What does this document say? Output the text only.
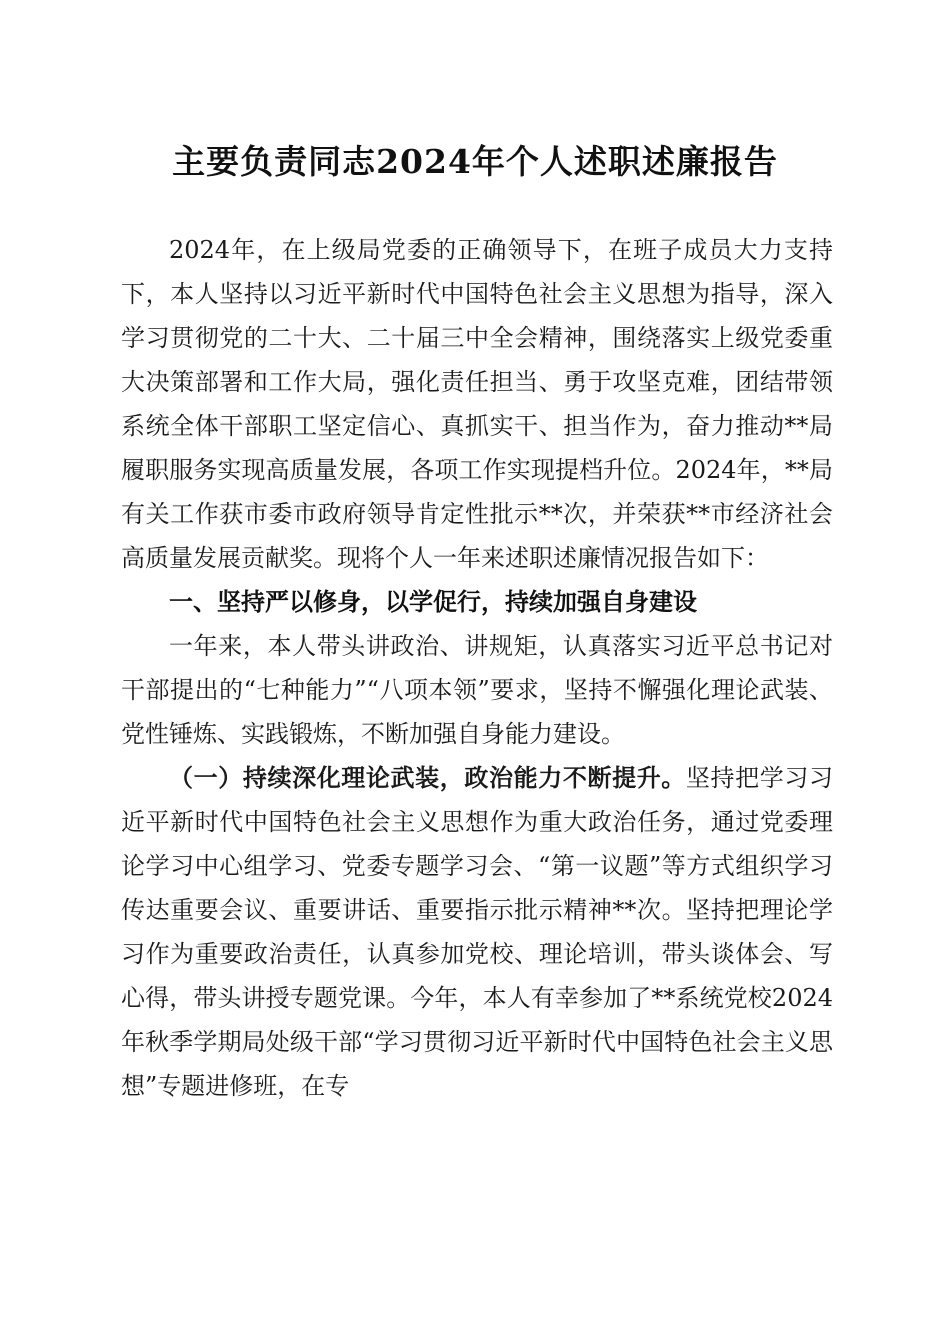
主要负责同志2024年个人述职述廉报告

2024年，在上级局党委的正确领导下，在班子成员大力支持下，本人坚持以习近平新时代中国特色社会主义思想为指导，深入学习贯彻党的二十大、二十届三中全会精神，围绕落实上级党委重大决策部署和工作大局，强化责任担当、勇于攻坚克难，团结带领系统全体干部职工坚定信心、真抓实干、担当作为，奋力推动**局履职服务实现高质量发展，各项工作实现提档升位。2024年，**局有关工作获市委市政府领导肯定性批示**次，并荣获**市经济社会高质量发展贡献奖。现将个人一年来述职述廉情况报告如下：

一、坚持严以修身，以学促行，持续加强自身建设

一年来，本人带头讲政治、讲规矩，认真落实习近平总书记对干部提出的“七种能力”“八项本领”要求，坚持不懈强化理论武装、党性锤炼、实践锻炼，不断加强自身能力建设。

（一）持续深化理论武装，政治能力不断提升。坚持把学习习近平新时代中国特色社会主义思想作为重大政治任务，通过党委理论学习中心组学习、党委专题学习会、“第一议题”等方式组织学习传达重要会议、重要讲话、重要指示批示精神**次。坚持把理论学习作为重要政治责任，认真参加党校、理论培训，带头谈体会、写心得，带头讲授专题党课。今年，本人有幸参加了**系统党校2024年秋季学期局处级干部“学习贯彻习近平新时代中国特色社会主义思想”专题进修班，在专
